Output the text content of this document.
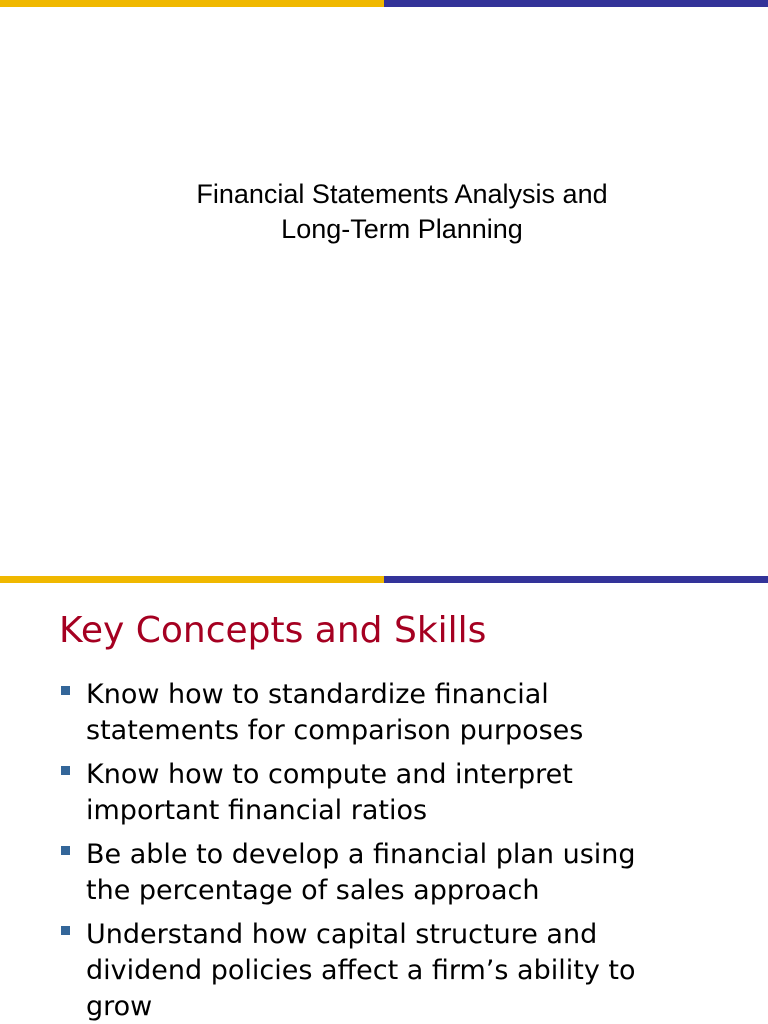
Financial Statements Analysis and
Long-Term Planning
Key Concepts and Skills
Know how to standardize financial
statements for comparison purposes
Know how to compute and interpret
important financial ratios
Be able to develop a financial plan using
the percentage of sales approach
Understand how capital structure and
dividend policies affect a firm’s ability to
grow
